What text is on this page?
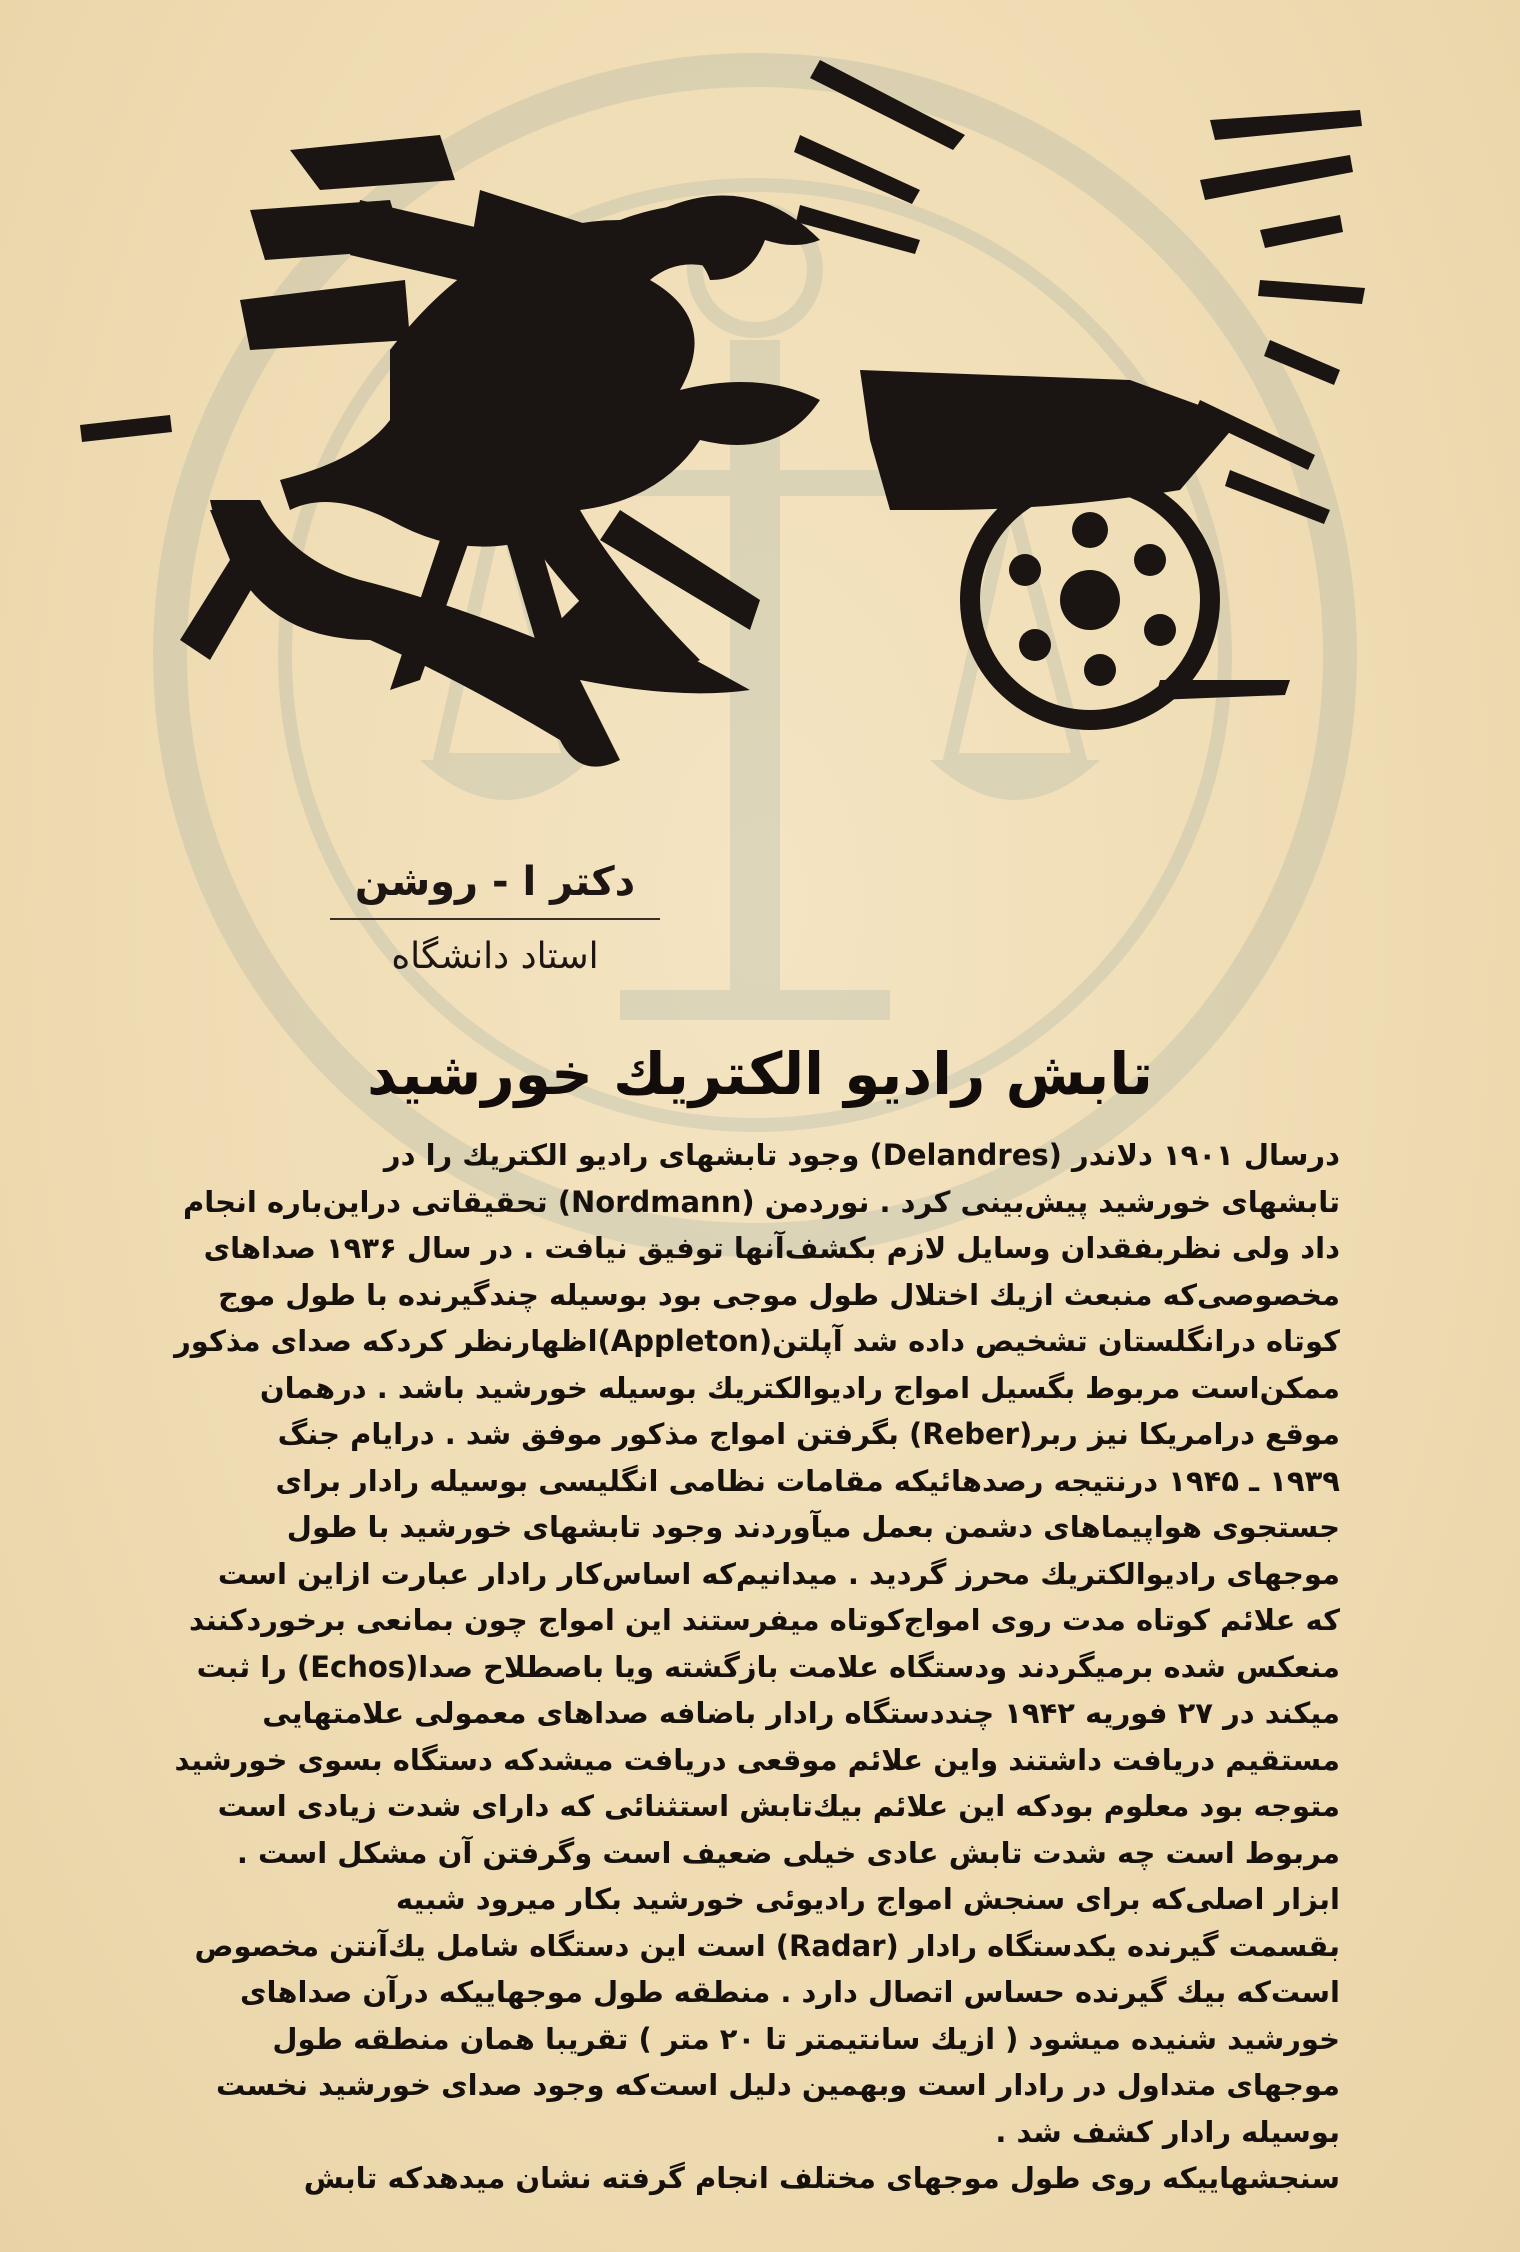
دکتر ا - روشن
استاد دانشگاه
تابش رادیو الکتریك خورشید
درسال ۱۹۰۱ دلاندر (Delandres) وجود تابشهای رادیو الکتریك را در
تابشهای خورشید پیش‌بینی کرد . نوردمن (Nordmann) تحقیقاتی دراین‌باره انجام
داد ولی نظربفقدان وسایل لازم بکشف‌آنها توفیق نیافت . در سال ۱۹۳۶ صداهای
مخصوصی‌که منبعث ازیك اختلال طول موجی بود بوسیله چندگیرنده با طول موج
کوتاه درانگلستان تشخیص داده شد آپلتن(Appleton)اظهارنظر کردکه صدای مذکور
ممکن‌است مربوط بگسیل امواج رادیوالکتریك بوسیله خورشید باشد . درهمان
موقع درامریکا نیز ربر(Reber) بگرفتن امواج مذکور موفق شد . درایام جنگ
۱۹۳۹ ـ ۱۹۴۵ درنتیجه رصدهائیکه مقامات نظامی انگلیسی بوسیله رادار برای
جستجوی هواپیماهای دشمن بعمل میآوردند وجود تابشهای خورشید با طول
موجهای رادیوالکتریك محرز گردید . میدانیم‌که اساس‌کار رادار عبارت ازاین است
که علائم کوتاه مدت روی امواج‌کوتاه میفرستند این امواج چون بمانعی برخوردکنند
منعکس شده برمیگردند ودستگاه علامت بازگشته ویا باصطلاح صدا(Echos) را ثبت
میکند در ۲۷ فوریه ۱۹۴۲ چنددستگاه رادار باضافه صداهای معمولی علامتهایی
مستقیم دریافت داشتند واین علائم موقعی دریافت میشدکه دستگاه بسوی خورشید
متوجه بود معلوم بودکه این علائم بیك‌تابش استثنائی که دارای شدت زیادی است
مربوط است چه شدت تابش عادی خیلی ضعیف است وگرفتن آن مشکل است .
ابزار اصلی‌که برای سنجش امواج رادیوئی خورشید بکار میرود شبیه
بقسمت گیرنده یکدستگاه رادار (Radar) است این دستگاه شامل یك‌آنتن مخصوص
است‌که بیك گیرنده حساس اتصال دارد . منطقه طول موجهاییکه درآن صداهای
خورشید شنیده میشود ( ازیك سانتیمتر تا ۲۰ متر ) تقریبا همان منطقه طول
موجهای متداول در رادار است وبهمین دلیل است‌که وجود صدای خورشید نخست
بوسیله رادار کشف شد .
سنجشهاییکه روی طول موجهای مختلف انجام گرفته نشان میدهدکه تابش
